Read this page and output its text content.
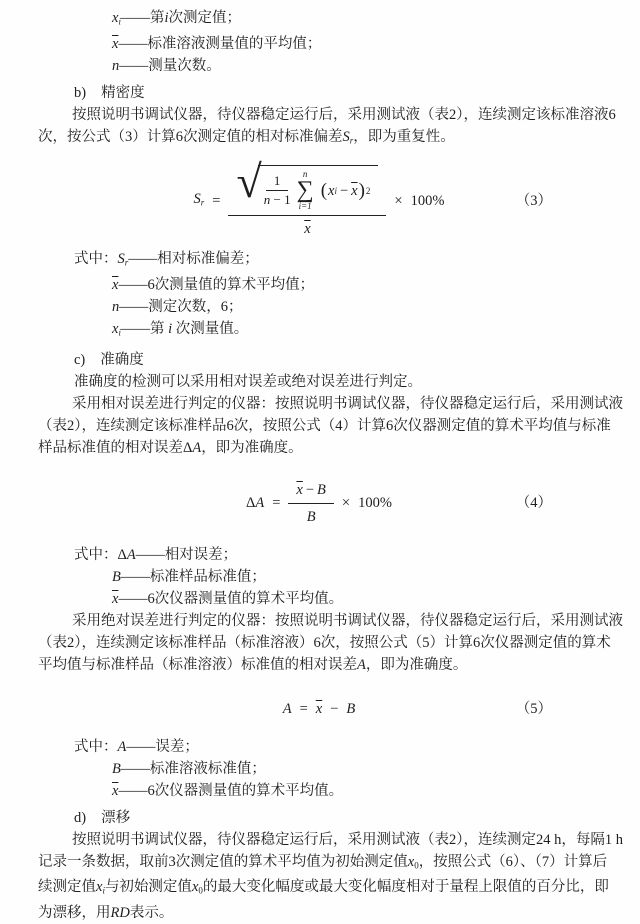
xi——第i次测定值；
$\overline{x}——$标准溶液测量值的平均值；
n——测量次数。
b) 精密度
按照说明书调试仪器，待仪器稳定运行后，采用测试液（表2），连续测定该标准溶液6
次，按公式（3）计算6次测定值的相对标准偏差Sr，即为重复性。
Sr = √ $\frac{1}{n - 1}$ n
∑
i=1
( x $i - \overline{x}$ ) 2
$\overline{x}$
× 100%	（3）
式中：Sr——相对标准偏差；
$\overline{x}——6$次测量值的算术平均值；
n——测定次数，6；
xi——第 i 次测量值。
c) 准确度
准确度的检测可以采用相对误差或绝对误差进行判定。
采用相对误差进行判定的仪器：按照说明书调试仪器，待仪器稳定运行后，采用测试液
（表2），连续测定该标准样品6次，按照公式（4）计算6次仪器测定值的算术平均值与标准
样品标准值的相对误差ΔA，即为准确度。
$\Delta A = \frac{\overline{x} - B}{B} \times 100\%$	（4）
式中：ΔA——相对误差；
B——标准样品标准值；
$\overline{x}——6$次仪器测量值的算术平均值。
采用绝对误差进行判定的仪器：按照说明书调试仪器，待仪器稳定运行后，采用测试液
（表2），连续测定该标准样品（标准溶液）6次，按照公式（5）计算6次仪器测定值的算术
平均值与标准样品（标准溶液）标准值的相对误差A，即为准确度。
$A = \overline{x} - B$	（5）
式中：A——误差；
B——标准溶液标准值；
$\overline{x}——6$次仪器测量值的算术平均值。
d) 漂移
按照说明书调试仪器，待仪器稳定运行后，采用测试液（表2），连续测定24 h，每隔1 h
记录一条数据，取前3次测定值的算术平均值为初始测定值x0，按照公式（6）、（7）计算后
续测定值xi与初始测定值x0的最大变化幅度或最大变化幅度相对于量程上限值的百分比，即
为漂移，用RD表示。
